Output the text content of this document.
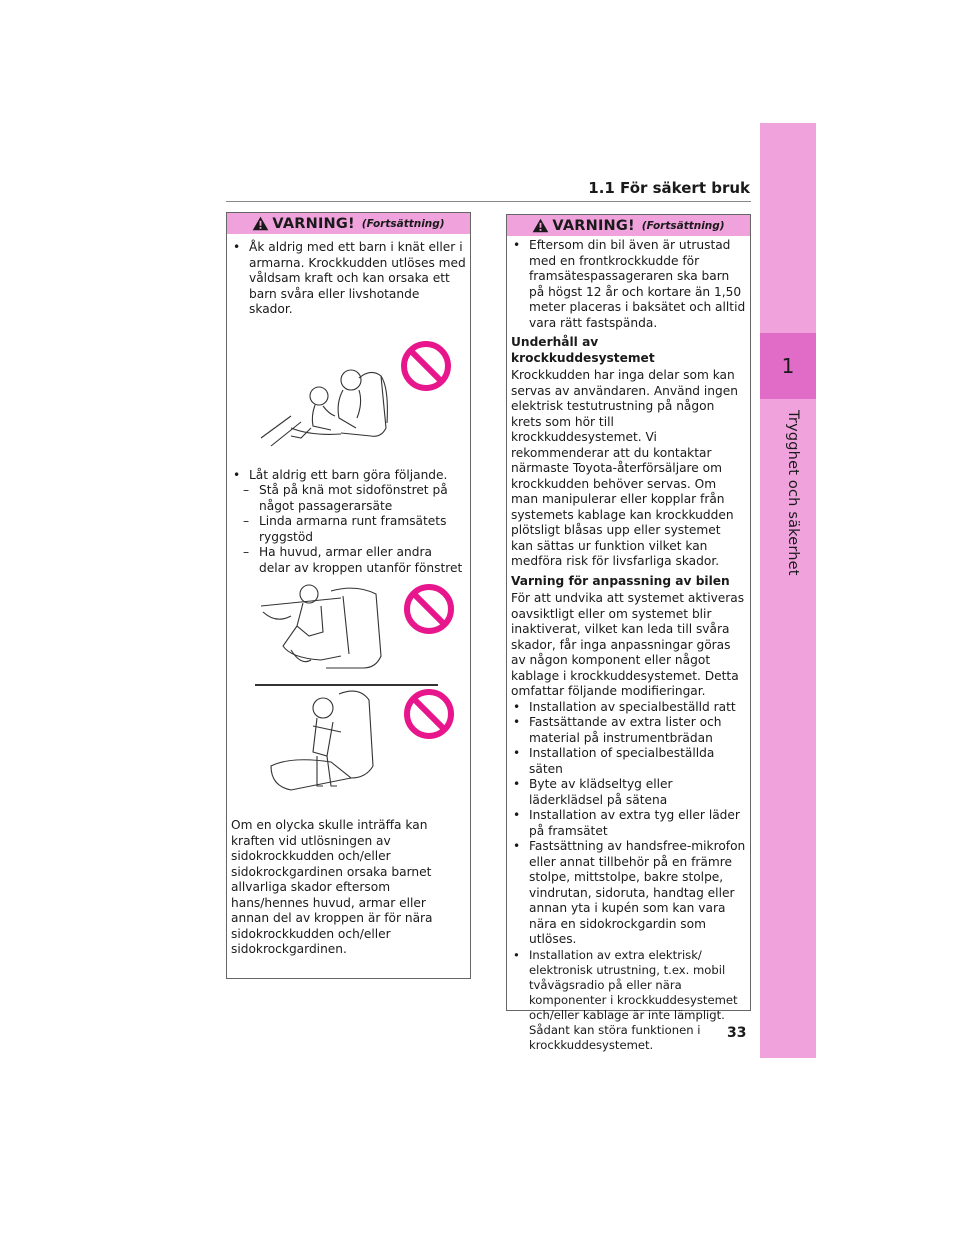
1
Trygghet och säkerhet
1.1 För säkert bruk
VARNING! (Fortsättning)
• Åk aldrig med ett barn i knät eller i armarna. Krockkudden utlöses med våldsam kraft och kan orsaka ett barn svåra eller livshotande skador.
• Låt aldrig ett barn göra följande.
– Stå på knä mot sidofönstret på något passagerarsäte
– Linda armarna runt framsätets ryggstöd
– Ha huvud, armar eller andra delar av kroppen utanför fönstret

Om en olycka skulle inträffa kan kraften vid utlösningen av sidokrockkudden och/eller sidokrockgardinen orsaka barnet allvarliga skador eftersom hans/hennes huvud, armar eller annan del av kroppen är för nära sidokrockkudden och/eller sidokrockgardinen.

VARNING! (Fortsättning)
• Eftersom din bil även är utrustad med en frontkrockkudde för framsätespassageraren ska barn på högst 12 år och kortare än 1,50 meter placeras i baksätet och alltid vara rätt fastspända.
Underhåll av krockkuddesystemet

Krockkudden har inga delar som kan servas av användaren. Använd ingen elektrisk testutrustning på någon krets som hör till krockkuddesystemet. Vi rekommenderar att du kontaktar närmaste Toyota-återförsäljare om krockkudden behöver servas. Om man manipulerar eller kopplar från systemets kablage kan krockkudden plötsligt blåsas upp eller systemet kan sättas ur funktion vilket kan medföra risk för livsfarliga skador.

Varning för anpassning av bilen

För att undvika att systemet aktiveras oavsiktligt eller om systemet blir inaktiverat, vilket kan leda till svåra skador, får inga anpassningar göras av någon komponent eller något kablage i krockkuddesystemet. Detta omfattar följande modifieringar.

• Installation av specialbeställd ratt
• Fastsättande av extra lister och material på instrumentbrädan
• Installation of specialbeställda säten
• Byte av klädseltyg eller läderklädsel på sätena
• Installation av extra tyg eller läder på framsätet
• Fastsättning av handsfree-mikrofon eller annat tillbehör på en främre stolpe, mittstolpe, bakre stolpe, vindrutan, sidoruta, handtag eller annan yta i kupén som kan vara nära en sidokrockgardin som utlöses.
• Installation av extra elektrisk/ elektronisk utrustning, t.ex. mobil tvåvägsradio på eller nära komponenter i krockkuddesystemet och/eller kablage är inte lämpligt. Sådant kan störa funktionen i krockkuddesystemet.
33
